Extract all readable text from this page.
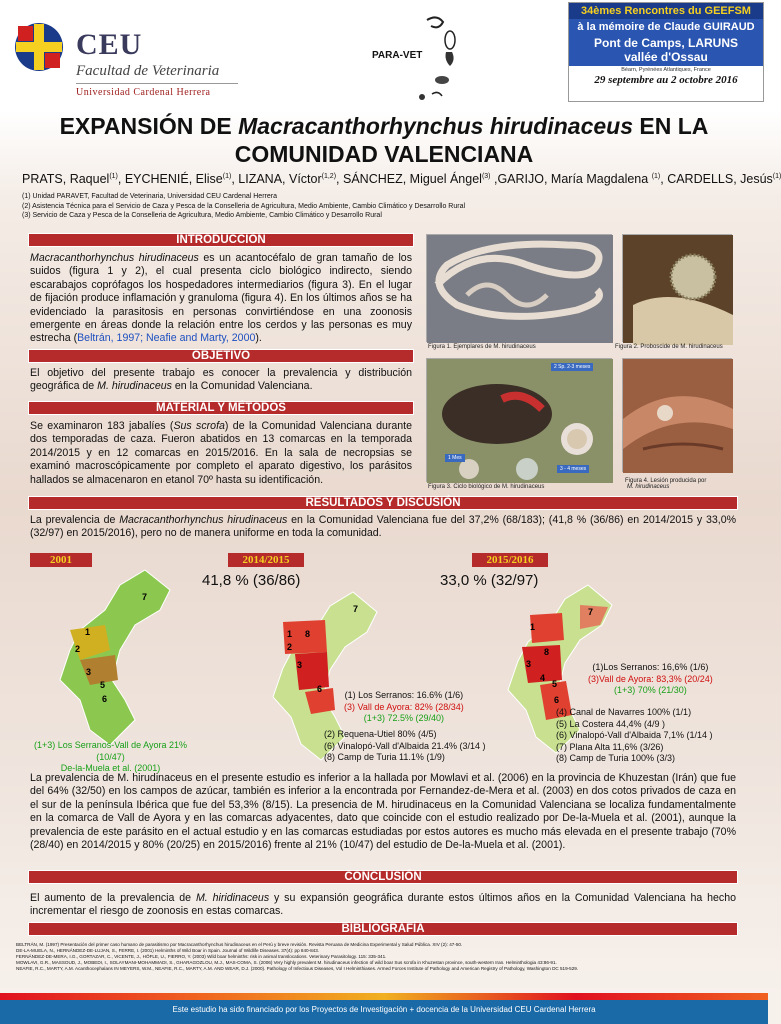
CEU
Facultad de Veterinaria
Universidad Cardenal Herrera
PARA-VET
34èmes Rencontres du GEEFSM
à la mémoire de Claude GUIRAUD
Pont de Camps, LARUNS
vallée d'Ossau
Béarn, Pyrénées Atlantiques, France
29 septembre au 2 octobre 2016
EXPANSIÓN DE Macracanthorhynchus hirudinaceus EN LA
COMUNIDAD VALENCIANA
PRATS, Raquel$^{(1)}$, EYCHENIÉ, Elise$^{(1)}$, LIZANA, Víctor$^{(1,2)}$, SÁNCHEZ, Miguel Ángel$^{(3)}$ ,GARIJO, María Magdalena $^{(1)}$, CARDELLS, Jesús$^{(1)}$
(1) Unidad PARAVET, Facultad de Veterinaria, Universidad CEU Cardenal Herrera
(2) Asistencia Técnica para el Servicio de Caza y Pesca de la Conselleria de Agricultura, Medio Ambiente, Cambio Climático y Desarrollo Rural
(3) Servicio de Caza y Pesca de la Conselleria de Agricultura, Medio Ambiente, Cambio Climático y Desarrollo Rural
INTRODUCCIÓN
Macracanthorhynchus hirudinaceus es un acantocéfalo de gran tamaño de los suidos (figura 1 y 2), el cual presenta ciclo biológico indirecto, siendo escarabajos coprófagos los hospedadores intermediarios (figura 3). En el lugar de fijación produce inflamación y granuloma (figura 4). En los últimos años se ha evidenciado la parasitosis en personas convirtiéndose en una zoonosis emergente en áreas donde la relación entre los cerdos y las personas es muy estrecha (Beltrán, 1997; Neafie and Marty, 2000).
OBJETIVO
El objetivo del presente trabajo es conocer la prevalencia y distribución geográfica de M. hirudinaceus en la Comunidad Valenciana.
MATERIAL Y MÉTODOS
Se examinaron 183 jabalíes (Sus scrofa) de la Comunidad Valenciana durante dos temporadas de caza. Fueron abatidos en 13 comarcas en la temporada 2014/2015 y en 12 comarcas en 2015/2016. En la sala de necropsias se examinó macroscópicamente por completo el aparato digestivo, los parásitos hallados se almacenaron en etanol 70º hasta su identificación.
Figura 1. Ejemplares de M. hirudinaceus	Figura 2. Proboscide de M. hirudinaceus
2 Sp. 2-3 meses
1 Mes
3 - 4 meses
Figura 3. Ciclo biológico de M. hirudinaceus
Figura 4. Lesión producida por
M. hirudinaceus
RESULTADOS Y DISCUSIÓN
La prevalencia de Macracanthorhynchus hirudinaceus en la Comunidad Valenciana fue del 37,2% (68/183); (41,8 % (36/86) en 2014/2015 y 33,0% (32/97) en 2015/2016), pero no de manera uniforme en toda la comunidad.
2001	2014/2015	2015/2016
41,8 % (36/86)	33,0 % (32/97)
1
2
3
5
6
7
1 8
3
2
6
7
1
8
3
4
5
6
7
(1+3) Los Serranos-Vall de Ayora 21%
(10/47)
De-la-Muela et al. (2001)
(1) Los Serranos: 16.6% (1/6)
(3) Vall de Ayora: 82% (28/34)
(1+3) 72.5% (29/40)
(2) Requena-Utiel 80% (4/5)
(6) Vinalopó-Vall d'Albaida 21.4% (3/14 )
(8) Camp de Turia 11.1% (1/9)
(1)Los Serranos: 16,6% (1/6)
(3)Vall de Ayora: 83,3% (20/24)
(1+3) 70% (21/30)
(4) Canal de Navarres 100% (1/1)
(5) La Costera 44,4% (4/9 )
(6) Vinalopó-Vall d'Albaida 7,1% (1/14 )
(7) Plana Alta 11,6% (3/26)
(8) Camp de Turia 100% (3/3)
La prevalencia de M. hirudinaceus en el presente estudio es inferior a la hallada por Mowlavi et al. (2006) en la provincia de Khuzestan (Irán) que fue del 64% (32/50) en los campos de azúcar, también es inferior a la encontrada por Fernandez-de-Mera et al. (2003) en dos cotos privados de caza en el sur de la península Ibérica que fue del 53,3% (8/15). La presencia de M. hirudinaceus en la Comunidad Valenciana se localiza fundamentalmente en la comarca de Vall de Ayora y en las comarcas adyacentes, dato que coincide con el estudio realizado por De-la-Muela et al. (2001), aunque la prevalencia de este parásito en el actual estudio y en las comarcas estudiadas por estos autores es mucho más elevada en el presente trabajo (70% (28/40) en 2014/2015 y 80% (20/25) en 2015/2016) frente al 21% (10/47) del estudio de De-la-Muela et al. (2001).
CONCLUSIÓN
El aumento de la prevalencia de M. hiridinaceus y su expansión geográfica durante estos últimos años en la Comunidad Valenciana ha hecho incrementar el riesgo de zoonosis en estas comarcas.
BIBLIOGRAFÍA
BELTRÁN, M. (1997) Presentación del primer caso humano de parasitismo por Macracanthorhynchus hirudinaceus en el Perú y breve revisión. Revista Peruana de Medicina Experimental y Salud Pública. XIV (2): 47-50.
DE-LA-MUELA, N., HERNÁNDEZ-DE-LUJAN, S., FERRE, I. (2001) Helminths of Wild Boar in Spain. Journal of Wildlife Diseases. 37(4): pp 840-843.
FERNÁNDEZ-DE-MERA, I.G., GORTAZAR, C., VICENTE, J., HÖFLE, U., FIERRO, Y. (2003) Wild boar helminths: risk in animal translocations. Veterinary Parasitology. 115: 335-341.
MOWLAVI, G.R., MASSOUD, J., MOBEDI, I., SOLAYMANI-MOHAMMADI, S., GHARAGOZLOU, M.J., MAS-COMA, S. (2006) Very highly prevalent M. hirudinaceus infection of wild boar Sus scrofa in Khuzestan province, south-western Iran. Helminthologia 43:86-91.
NEAFIE, R.C., MARTY, A.M. Acanthocephalans IN MEYERS, W.M., NEAFIE, R.C., MARTY, A.M. AND WEAR, D.J. (2000). Pathology of Infectious Diseases, Vol I Helminthiases. Armed Forces Institute of Pathology and American Registry of Pathology, Washington DC 519-529.
Este estudio ha sido financiado por los Proyectos de Investigación + docencia de la Universidad CEU Cardenal Herrera
